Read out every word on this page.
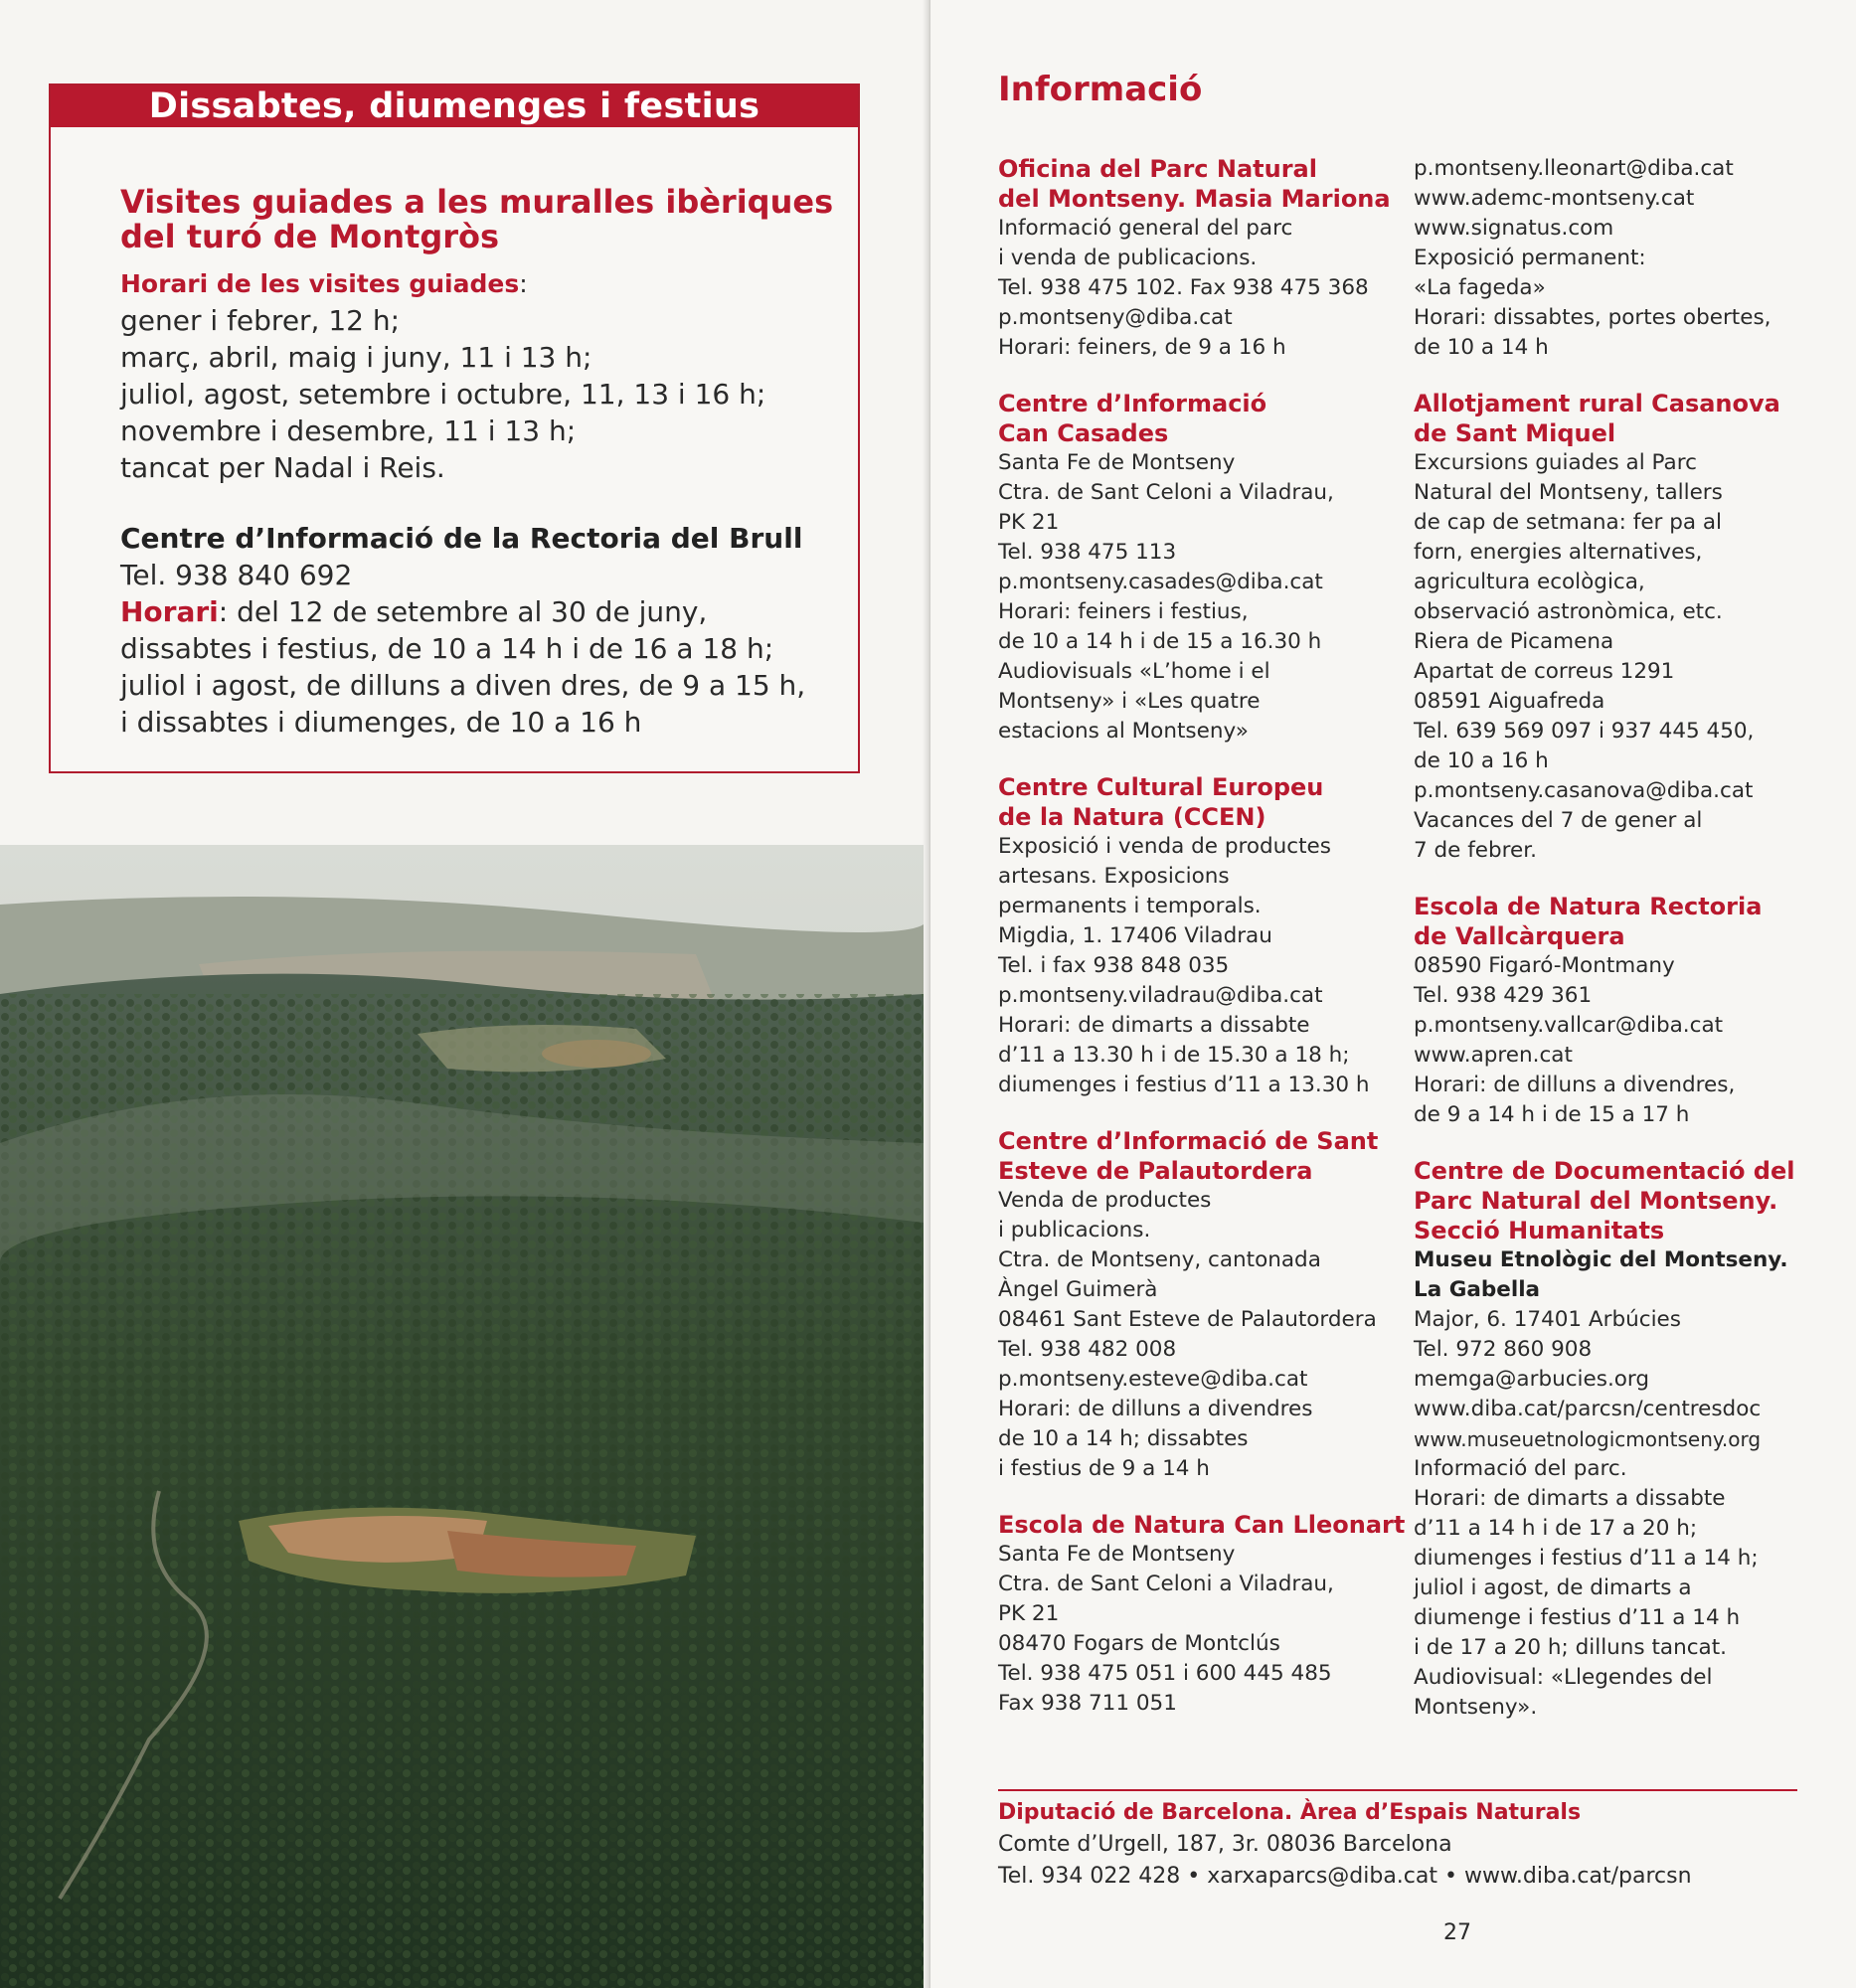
Dissabtes, diumenges i festius
Visites guiades a les muralles ibèriques
del turó de Montgròs
Horari de les visites guiades:
gener i febrer, 12 h;
març, abril, maig i juny, 11 i 13 h;
juliol, agost, setembre i octubre, 11, 13 i 16 h;
novembre i desembre, 11 i 13 h;
tancat per Nadal i Reis.
Centre d’Informació de la Rectoria del Brull
Tel. 938 840 692
Horari: del 12 de setembre al 30 de juny,
dissabtes i festius, de 10 a 14 h i de 16 a 18 h;
juliol i agost, de dilluns a diven dres, de 9 a 15 h,
i dissabtes i diumenges, de 10 a 16 h
Informació
Oficina del Parc Natural
del Montseny. Masia Mariona
Informació general del parc
i venda de publicacions.
Tel. 938 475 102. Fax 938 475 368
p.montseny@diba.cat
Horari: feiners, de 9 a 16 h
Centre d’Informació
Can Casades
Santa Fe de Montseny
Ctra. de Sant Celoni a Viladrau,
PK 21
Tel. 938 475 113
p.montseny.casades@diba.cat
Horari: feiners i festius,
de 10 a 14 h i de 15 a 16.30 h
Audiovisuals «L’home i el
Montseny» i «Les quatre
estacions al Montseny»
Centre Cultural Europeu
de la Natura (CCEN)
Exposició i venda de productes
artesans. Exposicions
permanents i temporals.
Migdia, 1. 17406 Viladrau
Tel. i fax 938 848 035
p.montseny.viladrau@diba.cat
Horari: de dimarts a dissabte
d’11 a 13.30 h i de 15.30 a 18 h;
diumenges i festius d’11 a 13.30 h
Centre d’Informació de Sant
Esteve de Palautordera
Venda de productes
i publicacions.
Ctra. de Montseny, cantonada
Àngel Guimerà
08461 Sant Esteve de Palautordera
Tel. 938 482 008
p.montseny.esteve@diba.cat
Horari: de dilluns a divendres
de 10 a 14 h; dissabtes
i festius de 9 a 14 h
Escola de Natura Can Lleonart
Santa Fe de Montseny
Ctra. de Sant Celoni a Viladrau,
PK 21
08470 Fogars de Montclús
Tel. 938 475 051 i 600 445 485
Fax 938 711 051
p.montseny.lleonart@diba.cat
www.ademc-montseny.cat
www.signatus.com
Exposició permanent:
«La fageda»
Horari: dissabtes, portes obertes,
de 10 a 14 h
Allotjament rural Casanova
de Sant Miquel
Excursions guiades al Parc
Natural del Montseny, tallers
de cap de setmana: fer pa al
forn, energies alternatives,
agricultura ecològica,
observació astronòmica, etc.
Riera de Picamena
Apartat de correus 1291
08591 Aiguafreda
Tel. 639 569 097 i 937 445 450,
de 10 a 16 h
p.montseny.casanova@diba.cat
Vacances del 7 de gener al
7 de febrer.
Escola de Natura Rectoria
de Vallcàrquera
08590 Figaró-Montmany
Tel. 938 429 361
p.montseny.vallcar@diba.cat
www.apren.cat
Horari: de dilluns a divendres,
de 9 a 14 h i de 15 a 17 h
Centre de Documentació del
Parc Natural del Montseny.
Secció Humanitats
Museu Etnològic del Montseny.
La Gabella
Major, 6. 17401 Arbúcies
Tel. 972 860 908
memga@arbucies.org
www.diba.cat/parcsn/centresdoc
www.museuetnologicmontseny.org
Informació del parc.
Horari: de dimarts a dissabte
d’11 a 14 h i de 17 a 20 h;
diumenges i festius d’11 a 14 h;
juliol i agost, de dimarts a
diumenge i festius d’11 a 14 h
i de 17 a 20 h; dilluns tancat.
Audiovisual: «Llegendes del
Montseny».
Diputació de Barcelona. Àrea d’Espais Naturals
Comte d’Urgell, 187, 3r. 08036 Barcelona
Tel. 934 022 428 • xarxaparcs@diba.cat • www.diba.cat/parcsn
27
